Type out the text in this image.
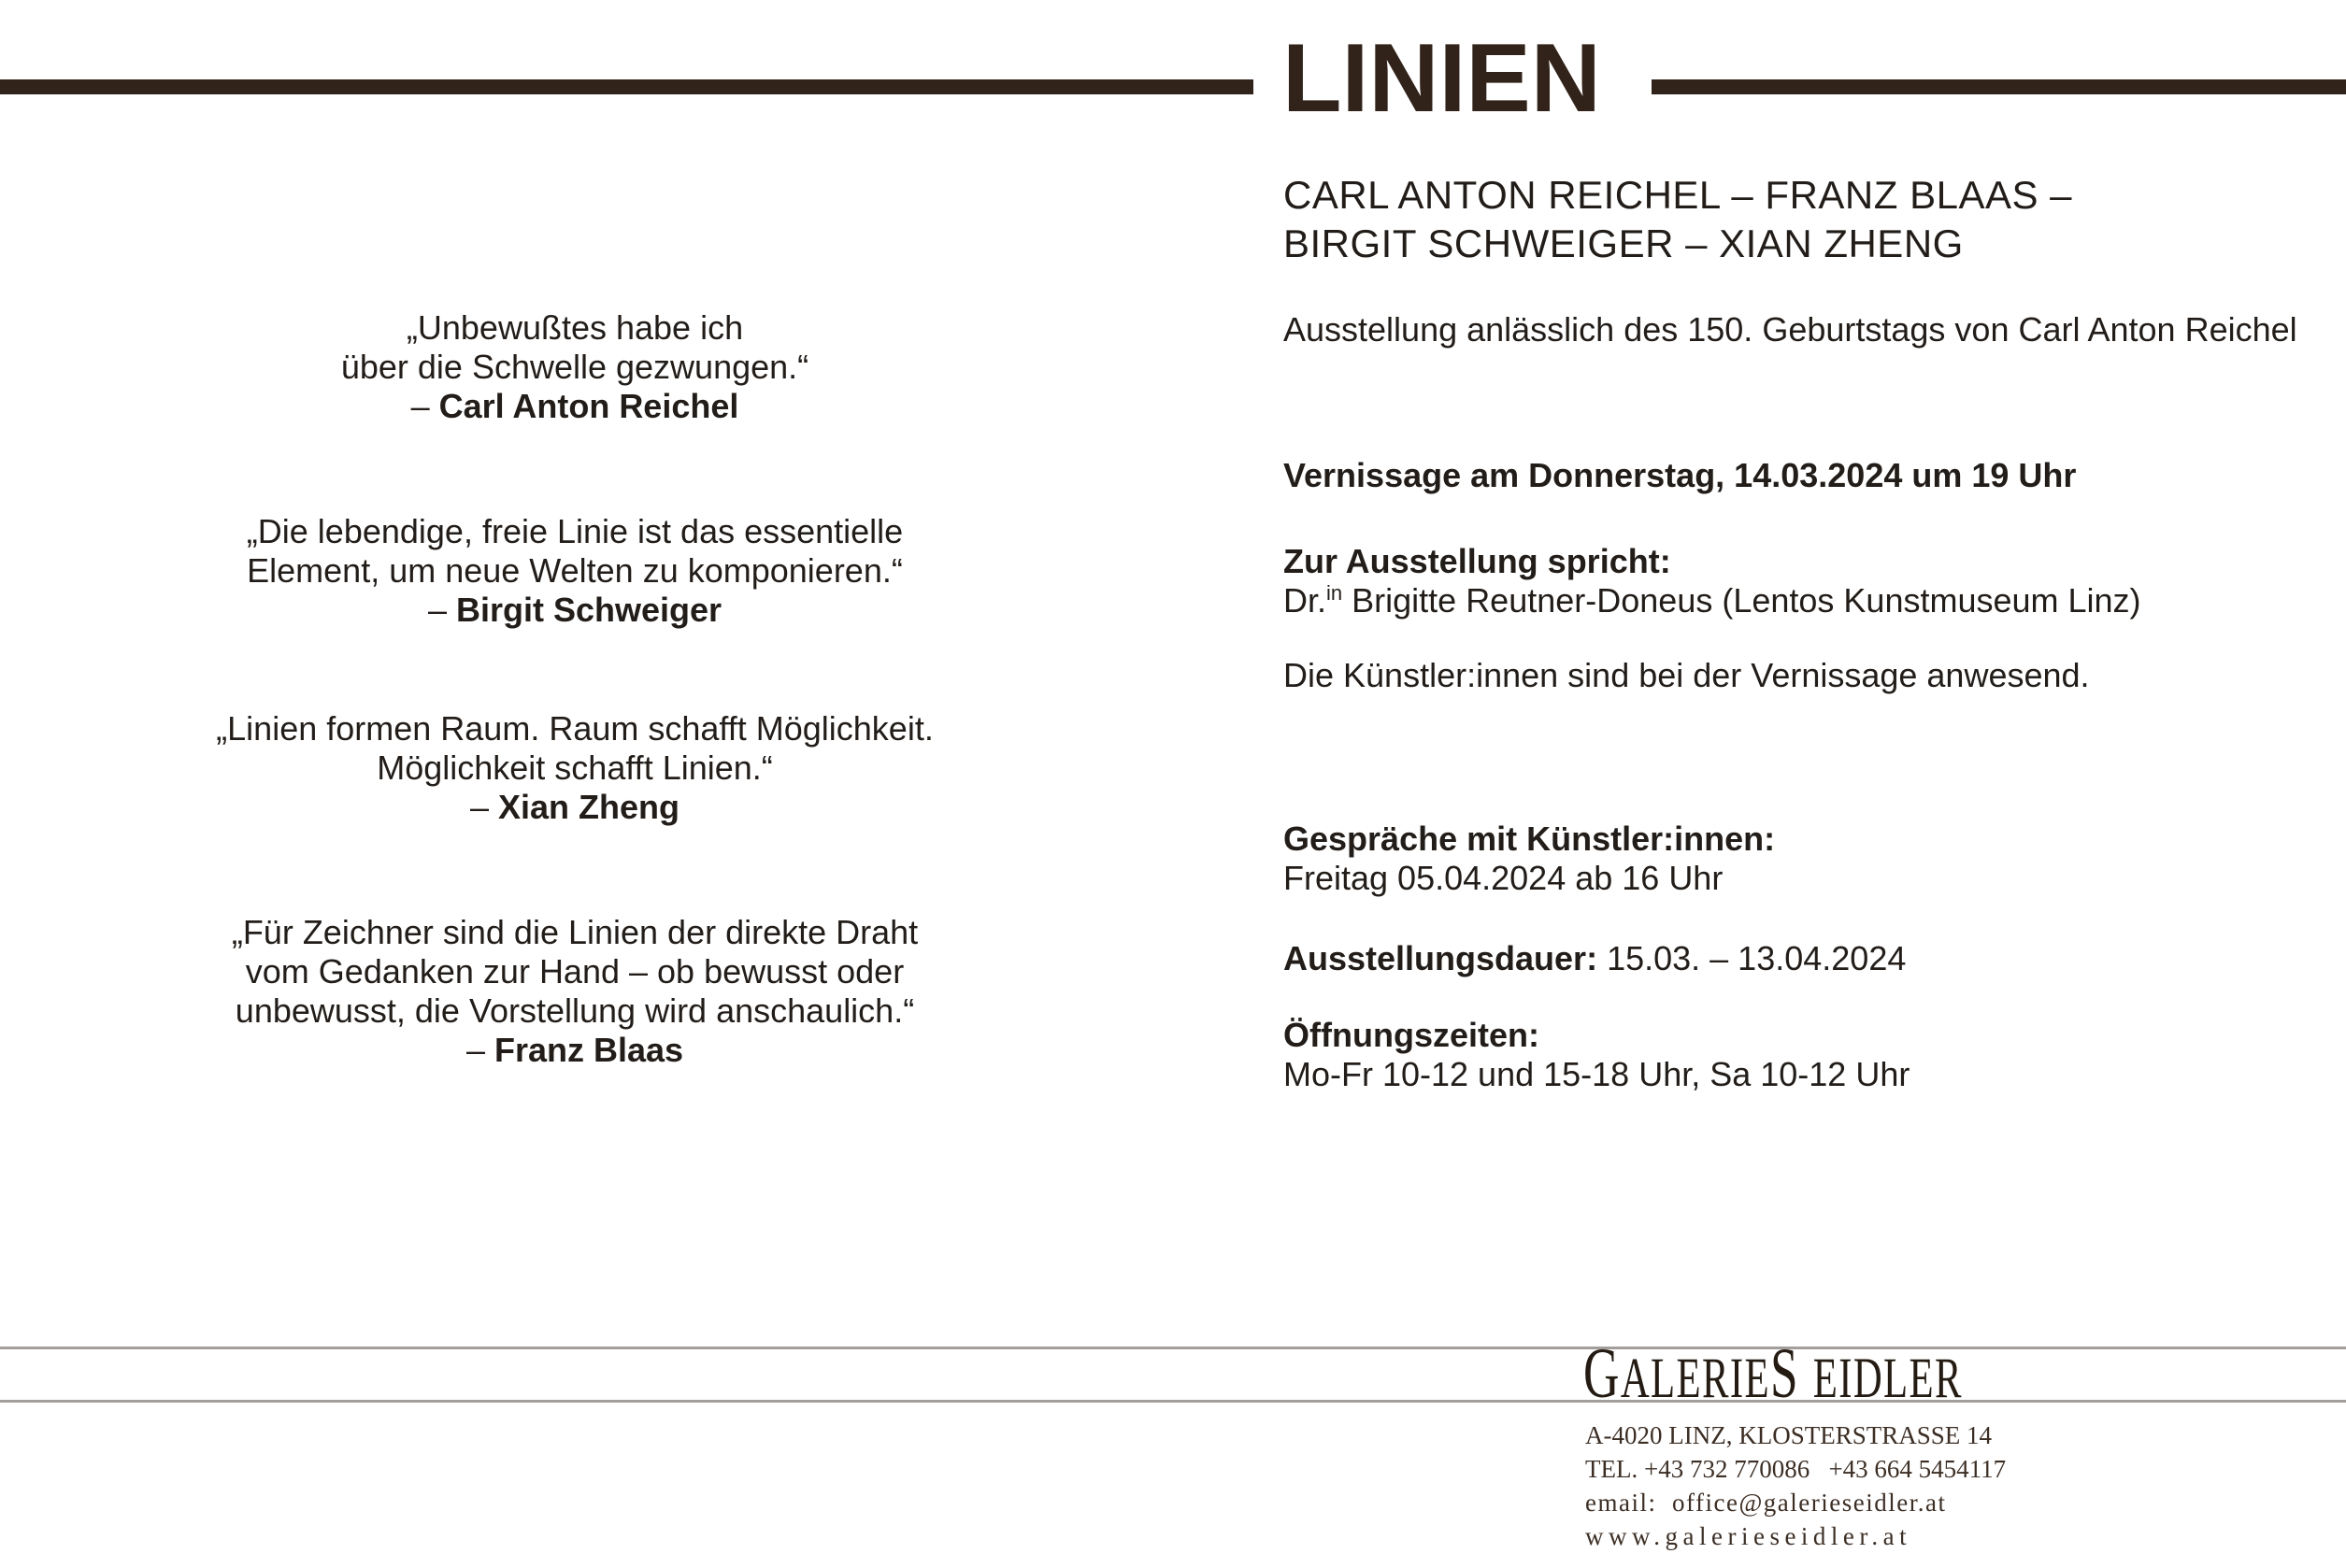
LINIEN
„Unbewußtes habe ich
über die Schwelle gezwungen.“
– Carl Anton Reichel
„Die lebendige, freie Linie ist das essentielle
Element, um neue Welten zu komponieren.“
– Birgit Schweiger
„Linien formen Raum. Raum schafft Möglichkeit.
Möglichkeit schafft Linien.“
– Xian Zheng
„Für Zeichner sind die Linien der direkte Draht
vom Gedanken zur Hand – ob bewusst oder
unbewusst, die Vorstellung wird anschaulich.“
– Franz Blaas
CARL ANTON REICHEL – FRANZ BLAAS –
BIRGIT SCHWEIGER – XIAN ZHENG
Ausstellung anlässlich des 150. Geburtstags von Carl Anton Reichel
Vernissage am Donnerstag, 14.03.2024 um 19 Uhr
Zur Ausstellung spricht:
Dr.$^{in}$ Brigitte Reutner-Doneus (Lentos Kunstmuseum Linz)
Die Künstler:innen sind bei der Vernissage anwesend.
Gespräche mit Künstler:innen:
Freitag 05.04.2024 ab 16 Uhr
Ausstellungsdauer: 15.03. – 13.04.2024
Öffnungszeiten:
Mo-Fr 10-12 und 15-18 Uhr, Sa 10-12 Uhr
GALERIES EIDLER
A-4020 LINZ, KLOSTERSTRASSE 14
TEL. +43 732 770086   +43 664 5454117
email:  office@galerieseidler.at
www.galerieseidler.at
